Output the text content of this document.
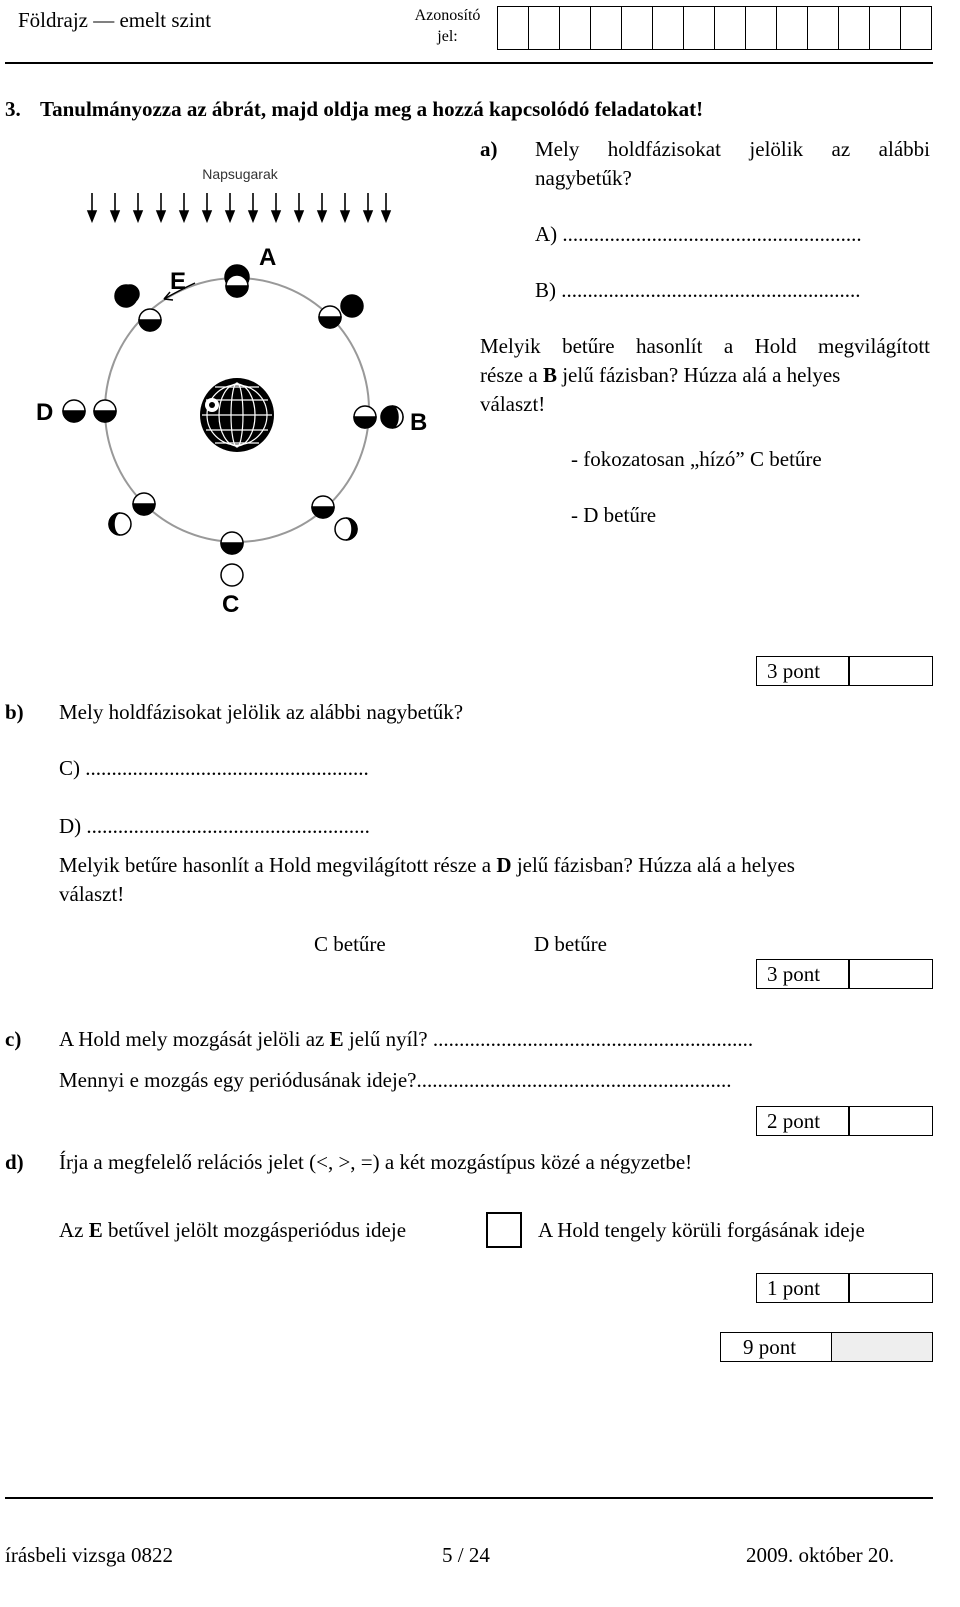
Földrajz — emelt szint	Azonosító
jel:
3. Tanulmányozza az ábrát, majd oldja meg a hozzá kapcsolódó feladatokat!
Napsugarak
A
B
C
D
E
a) Mely holdfázisokat jelölik az alábbi
nagybetűk?
A) .........................................................
B) .........................................................
Melyik betűre hasonlít a Hold megvilágított
része a B jelű fázisban? Húzza alá a helyes
választ!
- fokozatosan „hízó” C betűre
- D betűre
3 pont
b) Mely holdfázisokat jelölik az alábbi nagybetűk?
C) ......................................................
D) ......................................................
Melyik betűre hasonlít a Hold megvilágított része a D jelű fázisban? Húzza alá a helyes
választ!
C betűre	D betűre
3 pont
c) A Hold mely mozgását jelöli az E jelű nyíl? .............................................................
Mennyi e mozgás egy periódusának ideje?............................................................
2 pont
d) Írja a megfelelő relációs jelet (<, >, =) a két mozgástípus közé a négyzetbe!
Az E betűvel jelölt mozgásperiódus ideje	A Hold tengely körüli forgásának ideje
1 pont
9 pont
írásbeli vizsga 0822	5 / 24	2009. október 20.
